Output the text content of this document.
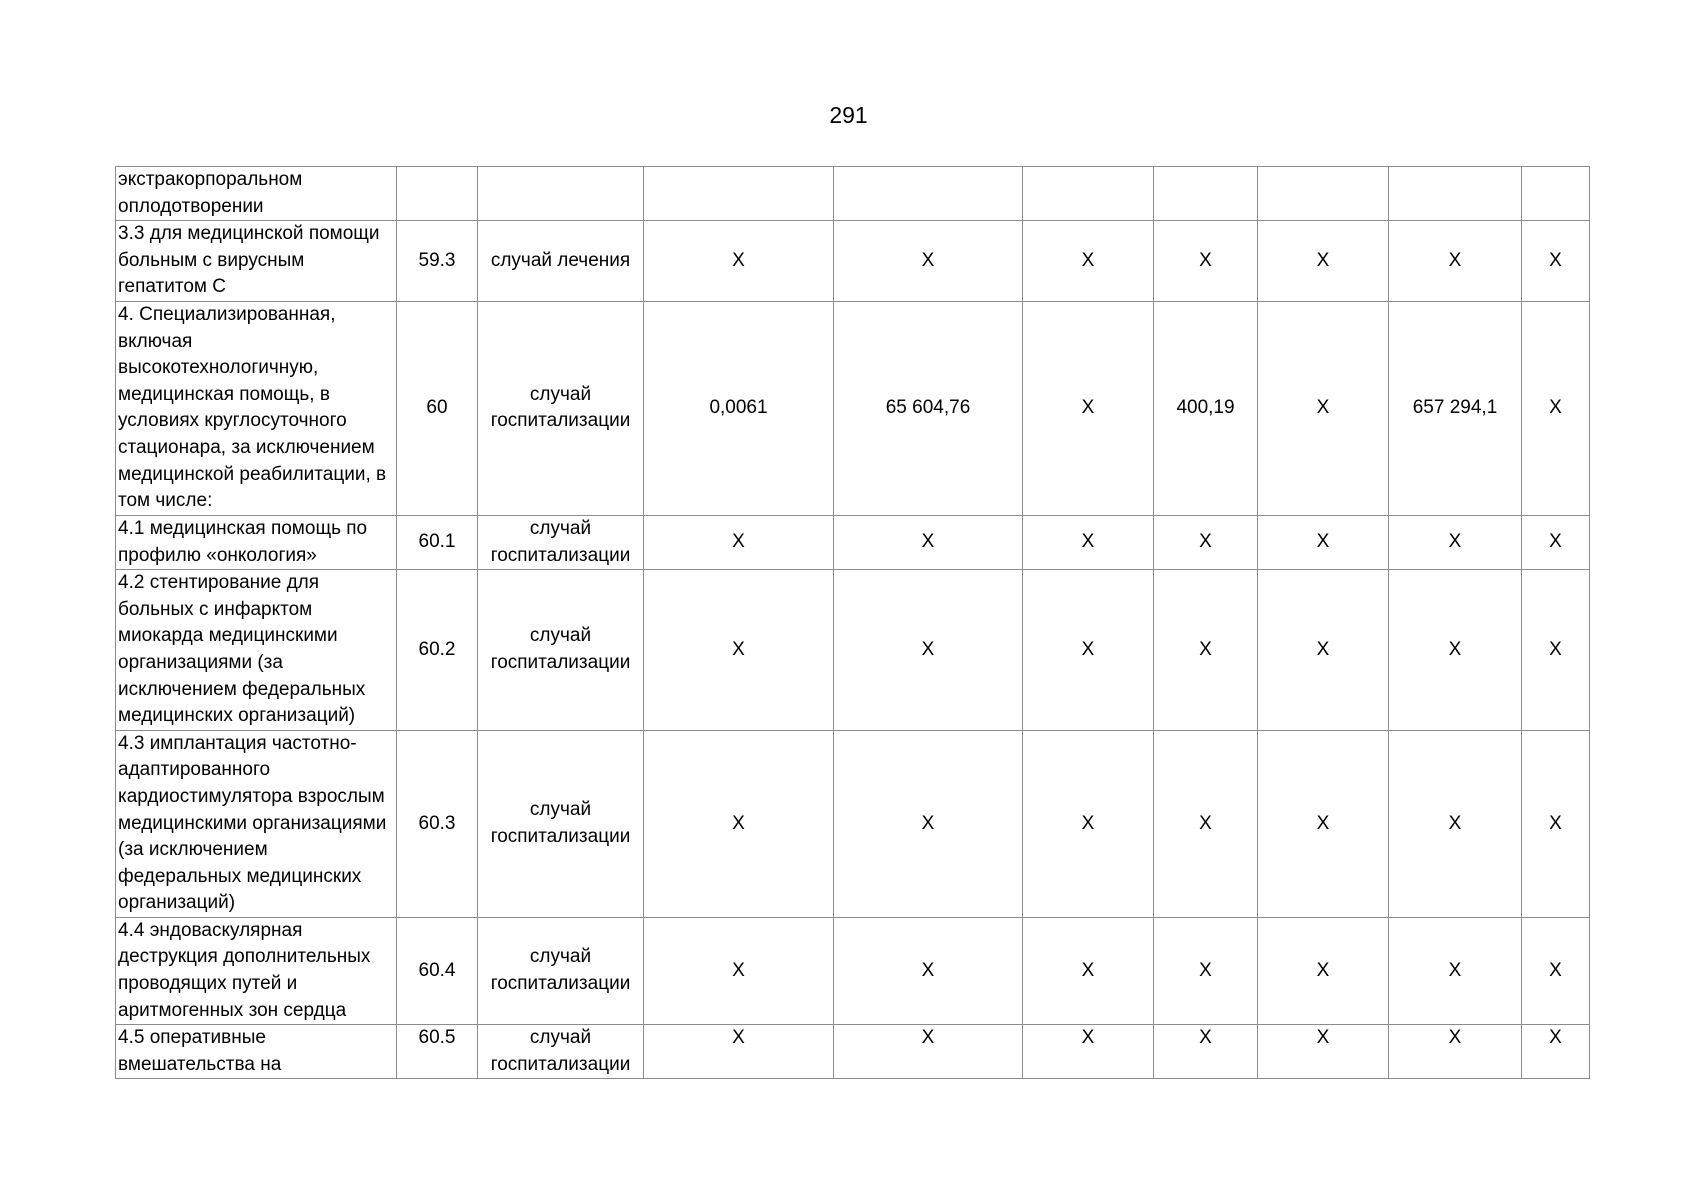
291
экстракорпоральном оплодотворении									
3.3 для медицинской помощи больным с вирусным гепатитом С	59.3	случай лечения	Х	Х	Х	Х	Х	Х	Х
4. Специализированная, включая высокотехнологичную, медицинская помощь, в условиях круглосуточного стационара, за исключением медицинской реабилитации, в том числе:	60	случай госпитализации	0,0061	65 604,76	Х	400,19	Х	657 294,1	Х
4.1 медицинская помощь по профилю «онкология»	60.1	случай госпитализации	Х	Х	Х	Х	Х	Х	Х
4.2 стентирование для больных с инфарктом миокарда медицинскими организациями (за исключением федеральных медицинских организаций)	60.2	случай госпитализации	Х	Х	Х	Х	Х	Х	Х
4.3 имплантация частотно-адаптированного кардиостимулятора взрослым медицинскими организациями (за исключением федеральных медицинских организаций)	60.3	случай госпитализации	Х	Х	Х	Х	Х	Х	Х
4.4 эндоваскулярная деструкция дополнительных проводящих путей и аритмогенных зон сердца	60.4	случай госпитализации	Х	Х	Х	Х	Х	Х	Х
4.5 оперативные вмешательства на	60.5	случай госпитализации	Х	Х	Х	Х	Х	Х	Х
